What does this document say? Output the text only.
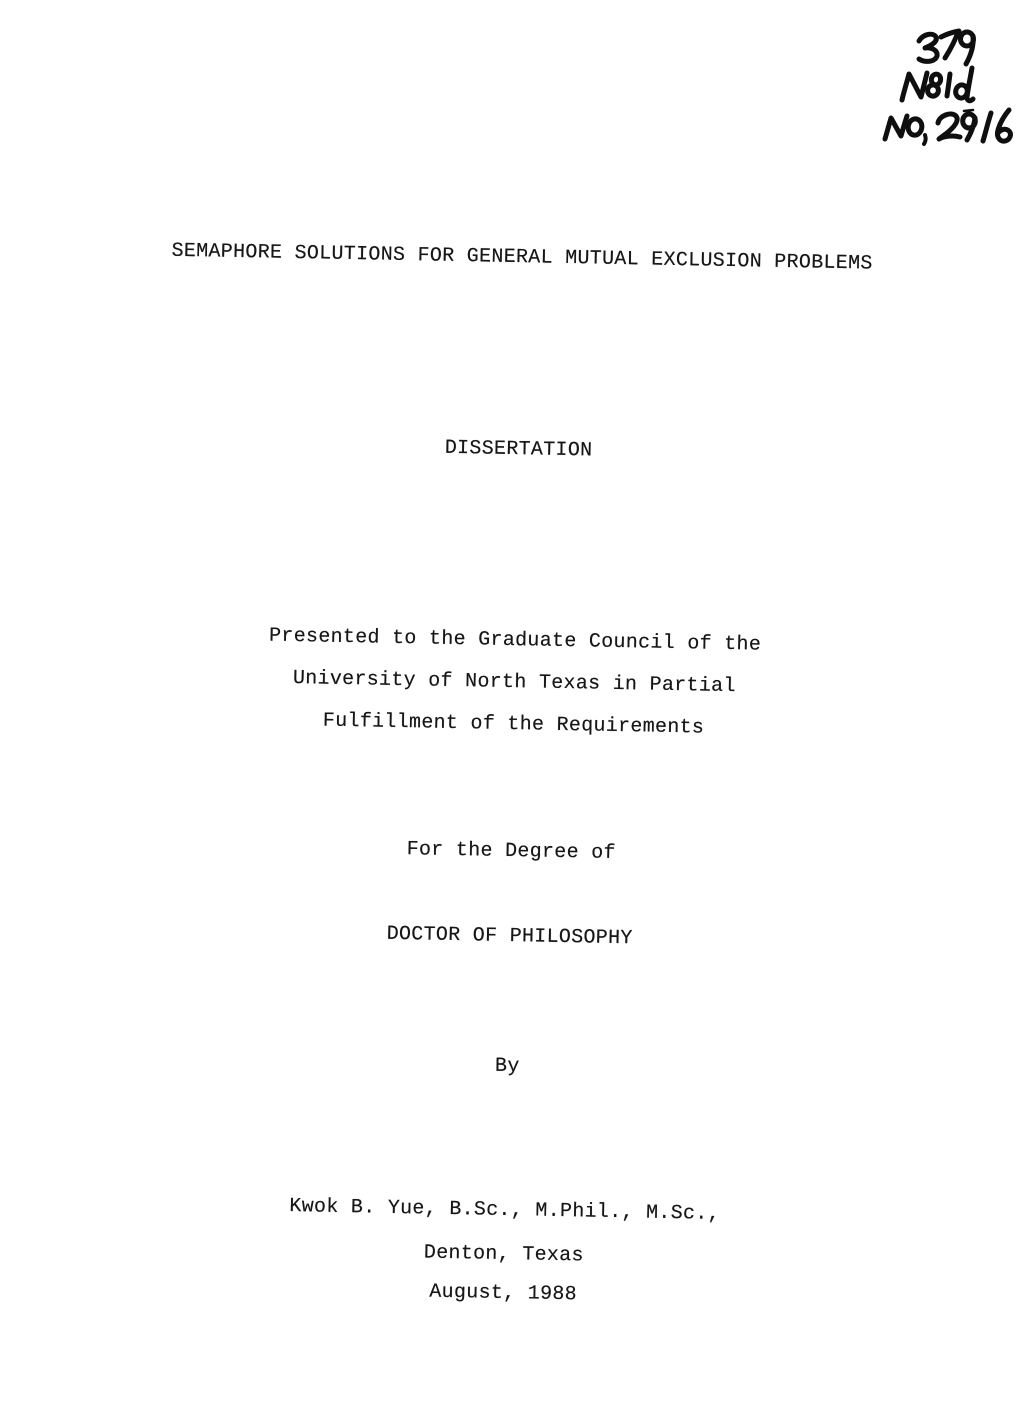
SEMAPHORE SOLUTIONS FOR GENERAL MUTUAL EXCLUSION PROBLEMS
DISSERTATION
Presented to the Graduate Council of the
University of North Texas in Partial
Fulfillment of the Requirements
For the Degree of
DOCTOR OF PHILOSOPHY
By
Kwok B. Yue, B.Sc., M.Phil., M.Sc.,
Denton, Texas
August, 1988
